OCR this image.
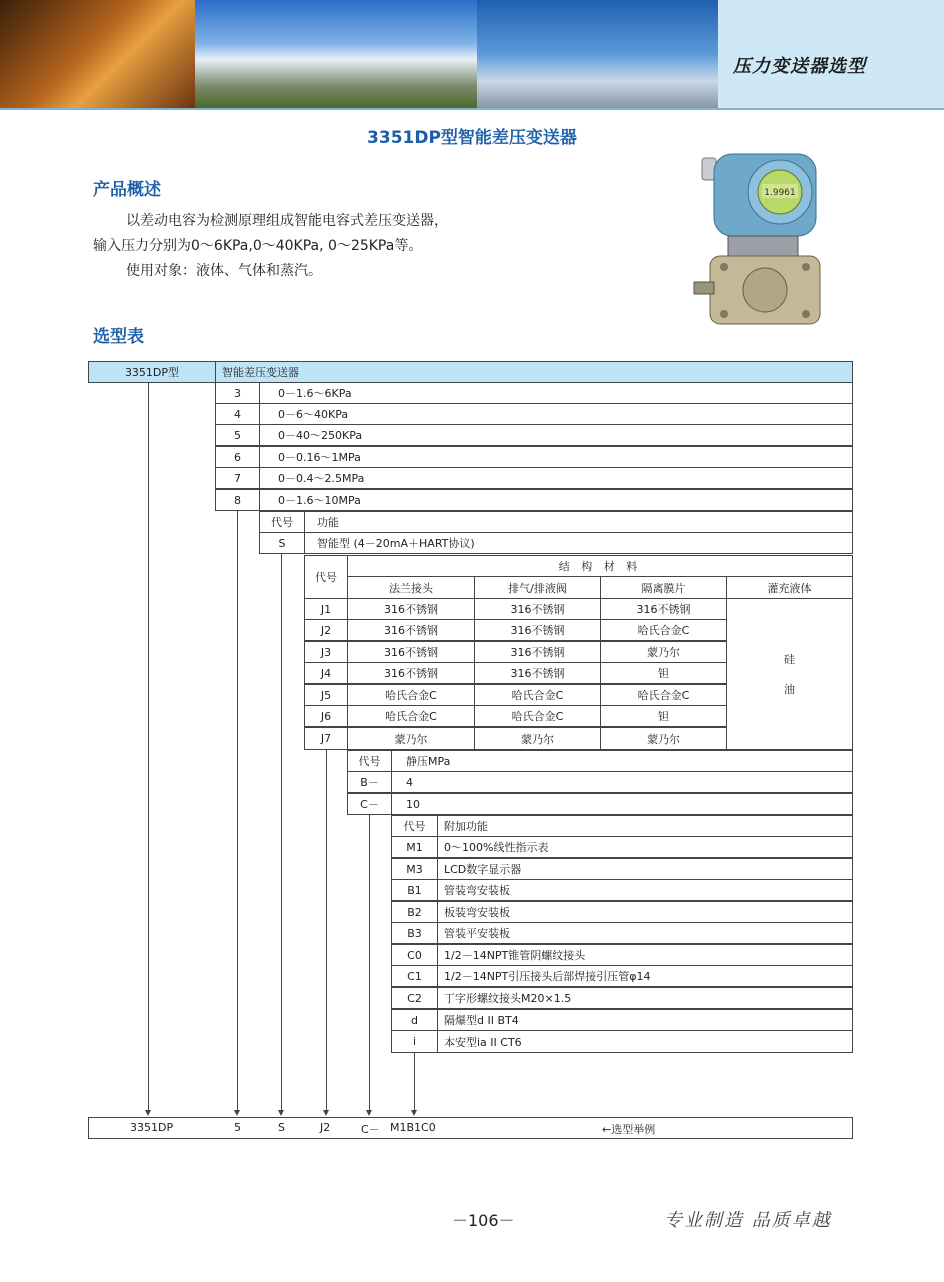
压力变送器选型
3351DP型智能差压变送器
产品概述
以差动电容为检测原理组成智能电容式差压变送器，
输入压力分别为0～6KPa,0～40KPa, 0～25KPa等。
使用对象：液体、气体和蒸汽。
1.9961
选型表
3351DP型	智能差压变送器
3	0－1.6～6KPa
4	0－6～40KPa
5	0－40～250KPa
6	0－0.16～1MPa
7	0－0.4～2.5MPa
8	0－1.6～10MPa
代号	功能
S	智能型 (4－20mA＋HART协议)
代号
结 构 材 料
法兰接头	排气/排液阀	隔离膜片	灌充液体
J1	316不锈钢	316不锈钢	316不锈钢
J2	316不锈钢	316不锈钢	哈氏合金C
J3	316不锈钢	316不锈钢	蒙乃尔
J4	316不锈钢	316不锈钢	钽
J5	哈氏合金C	哈氏合金C	哈氏合金C
J6	哈氏合金C	哈氏合金C	钽
J7	蒙乃尔	蒙乃尔	蒙乃尔
硅
油
代号	静压MPa
B－	4
C－	10
代号	附加功能
M1	0～100%线性指示表
M3	LCD数字显示器
B1	管装弯安装板
B2	板装弯安装板
B3	管装平安装板
C0	1/2－14NPT锥管阴螺纹接头
C1	1/2－14NPT引压接头后部焊接引压管φ14
C2	丁字形螺纹接头M20×1.5
d	隔爆型d II BT4
i	本安型ia II CT6
3351DP	5	S	J2	C－ M1B1C0	←选型举例
－106－	专业制造 品质卓越
